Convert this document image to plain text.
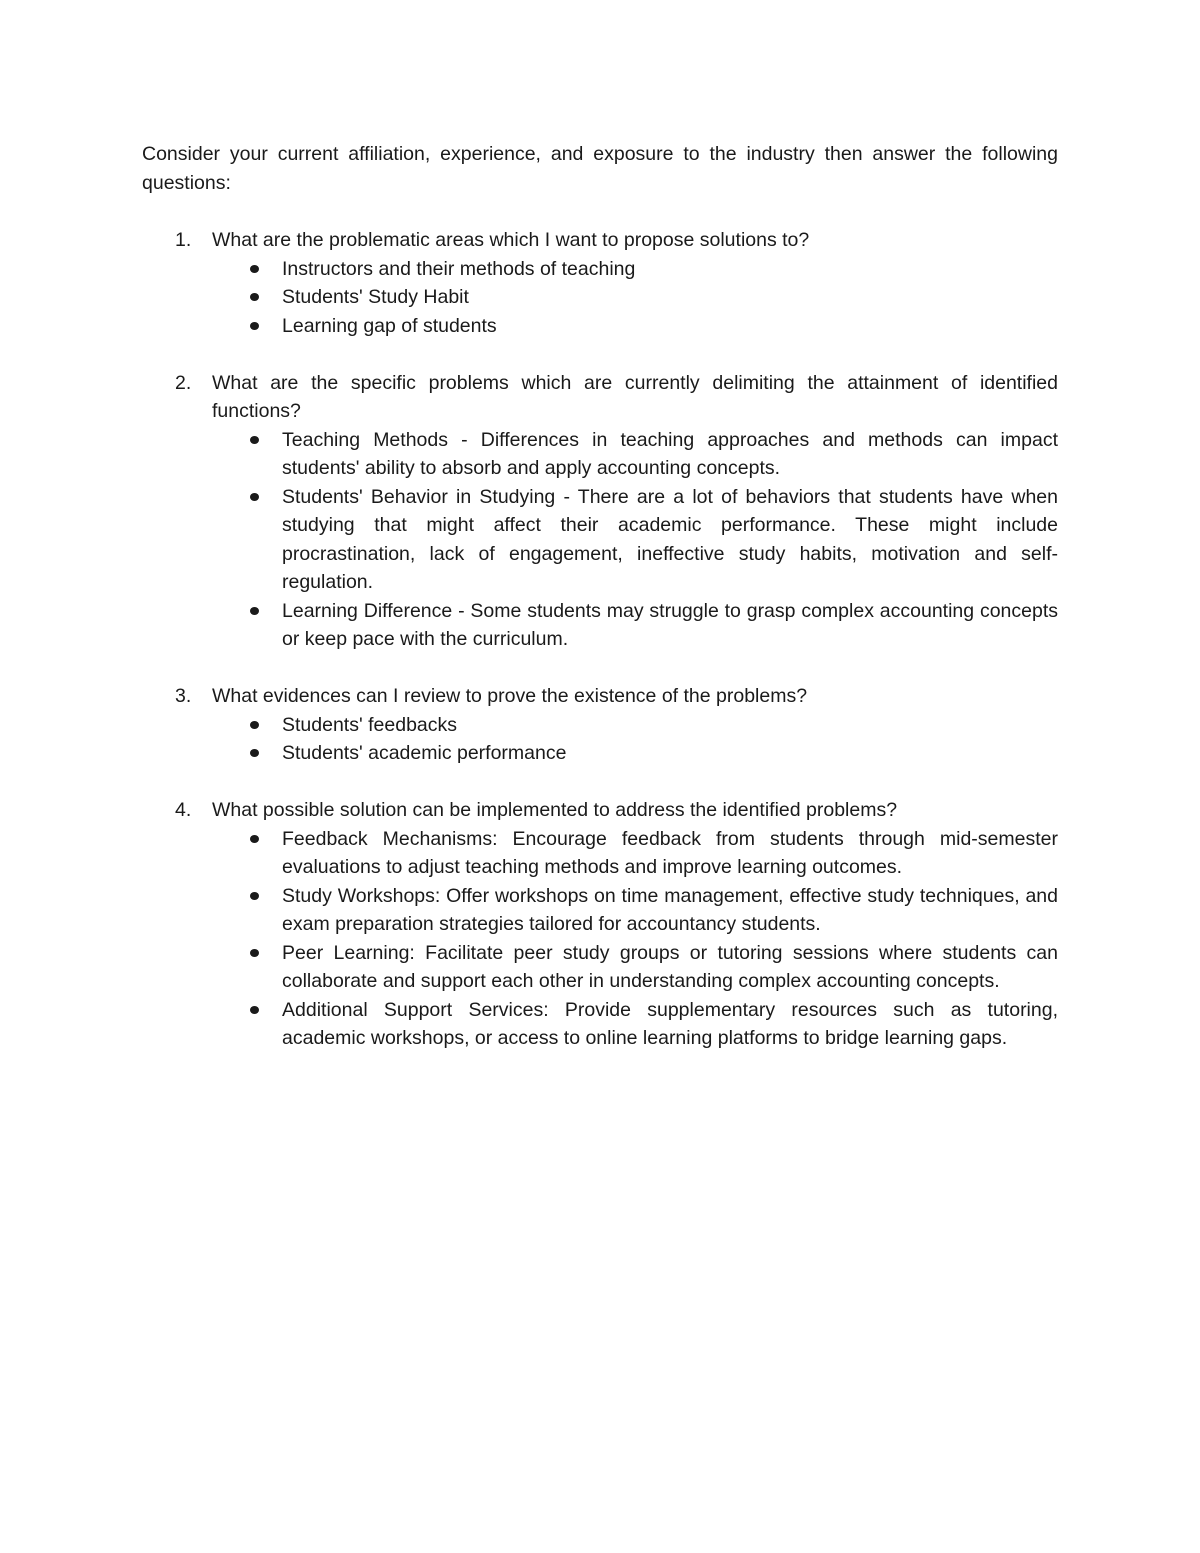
Consider your current affiliation, experience, and exposure to the industry then answer the following questions:

1. What are the problematic areas which I want to propose solutions to?
Instructors and their methods of teaching
Students' Study Habit
Learning gap of students
2. What are the specific problems which are currently delimiting the attainment of identified functions?
Teaching Methods - Differences in teaching approaches and methods can impact students' ability to absorb and apply accounting concepts.
Students' Behavior in Studying - There are a lot of behaviors that students have when studying that might affect their academic performance. These might include procrastination, lack of engagement, ineffective study habits, motivation and self-regulation.
Learning Difference - Some students may struggle to grasp complex accounting concepts or keep pace with the curriculum.
3. What evidences can I review to prove the existence of the problems?
Students' feedbacks
Students' academic performance
4. What possible solution can be implemented to address the identified problems?
Feedback Mechanisms: Encourage feedback from students through mid-semester evaluations to adjust teaching methods and improve learning outcomes.
Study Workshops: Offer workshops on time management, effective study techniques, and exam preparation strategies tailored for accountancy students.
Peer Learning: Facilitate peer study groups or tutoring sessions where students can collaborate and support each other in understanding complex accounting concepts.
Additional Support Services: Provide supplementary resources such as tutoring, academic workshops, or access to online learning platforms to bridge learning gaps.
